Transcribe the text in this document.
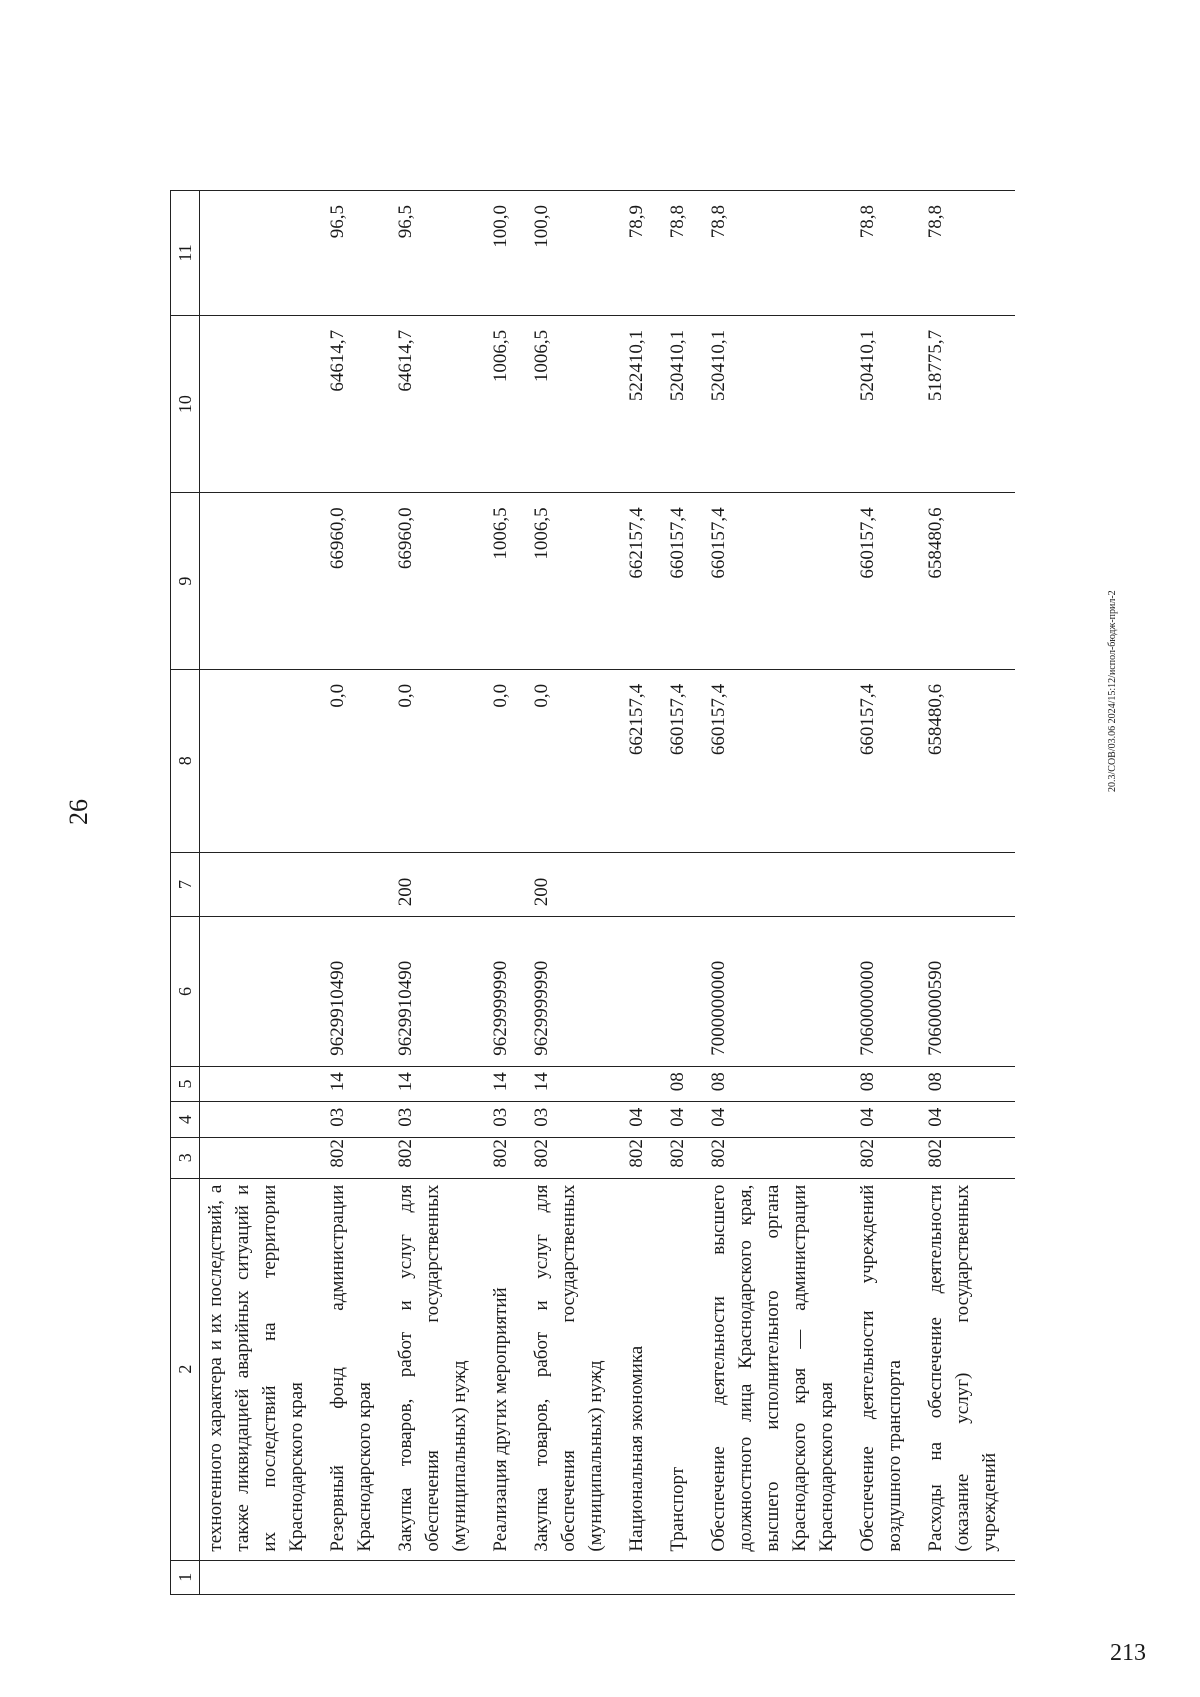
26
1	2	3	4	5	6	7	8	9	10	11
	техногенного характера и их последствий, а также ликвидацией аварийных ситуаций и их последствий на территории Краснодарского края									
	Резервный фонд администрации Краснодарского края	802	03	14	9629910490		0,0	66960,0	64614,7	96,5
	Закупка товаров, работ и услуг для обеспечения государственных (муниципальных) нужд	802	03	14	9629910490	200	0,0	66960,0	64614,7	96,5
	Реализация других мероприятий	802	03	14	9629999990		0,0	1006,5	1006,5	100,0
	Закупка товаров, работ и услуг для обеспечения государственных (муниципальных) нужд	802	03	14	9629999990	200	0,0	1006,5	1006,5	100,0
	Национальная экономика	802	04				662157,4	662157,4	522410,1	78,9
	Транспорт	802	04	08			660157,4	660157,4	520410,1	78,8
	Обеспечение деятельности высшего должностного лица Краснодарского края, высшего исполнительного органа Краснодарского края — администрации Краснодарского края	802	04	08	7000000000		660157,4	660157,4	520410,1	78,8
	Обеспечение деятельности учреждений воздушного транспорта	802	04	08	7060000000		660157,4	660157,4	520410,1	78,8
	Расходы на обеспечение деятельности (оказание услуг) государственных учреждений	802	04	08	7060000590		658480,6	658480,6	518775,7	78,8
20.3/СОВ/03.06 2024/15:12/испол-бюдж-прил-2
213
